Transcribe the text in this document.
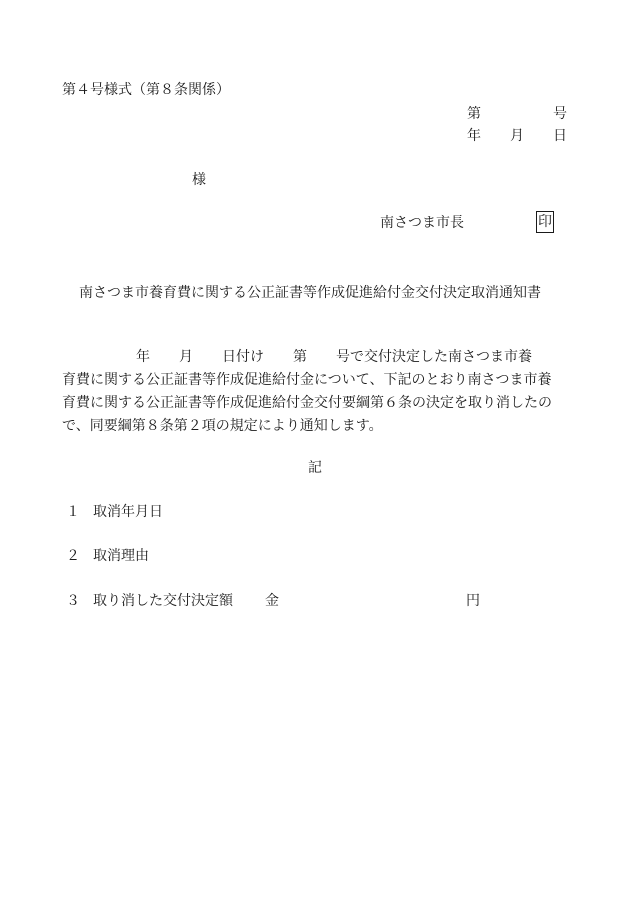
第４号様式（第８条関係）
第	号
年 月 日
様
南さつま市長	印
南さつま市養育費に関する公正証書等作成促進給付金交付決定取消通知書
年 月 日付け 第 号で交付決定した南さつま市養
育費に関する公正証書等作成促進給付金について、下記のとおり南さつま市養
育費に関する公正証書等作成促進給付金交付要綱第６条の決定を取り消したの
で、同要綱第８条第２項の規定により通知します。
記
１ 取消年月日
２ 取消理由
３ 取り消した交付決定額 金	円
